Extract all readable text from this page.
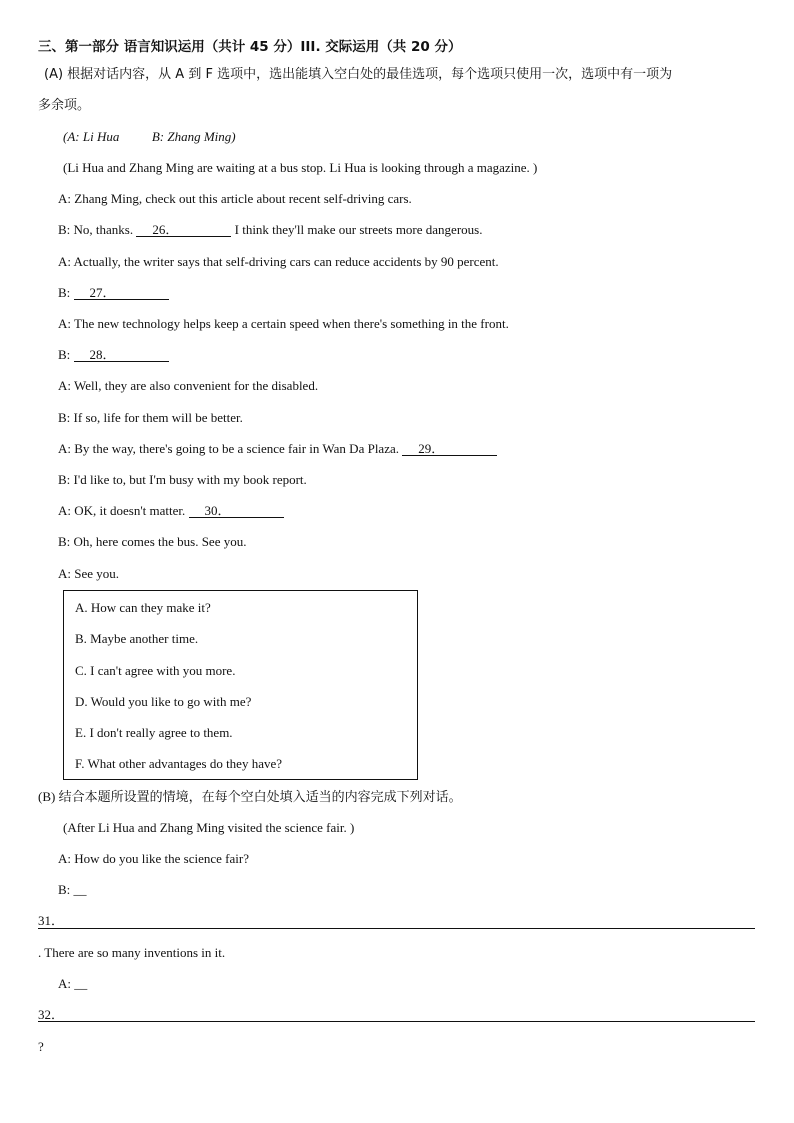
三、第一部分 语言知识运用（共计 45 分）III. 交际运用（共 20 分）
(A) 根据对话内容，从 A 到 F 选项中，选出能填入空白处的最佳选项，每个选项只使用一次，选项中有一项为
多余项。
(A: Li Hua          B: Zhang Ming)
(Li Hua and Zhang Ming are waiting at a bus stop. Li Hua is looking through a magazine. )
A: Zhang Ming, check out this article about recent self-driving cars.
B: No, thanks. 26．	I think they'll make our streets more dangerous.
A: Actually, the writer says that self-driving cars can reduce accidents by 90 percent.
B: 27．
A: The new technology helps keep a certain speed when there's something in the front.
B: 28．
A: Well, they are also convenient for the disabled.
B: If so, life for them will be better.
A: By the way, there's going to be a science fair in Wan Da Plaza. 29．
B: I'd like to, but I'm busy with my book report.
A: OK, it doesn't matter. 30．
B: Oh, here comes the bus. See you.
A: See you.
A. How can they make it?
B. Maybe another time.
C. I can't agree with you more.
D. Would you like to go with me?
E. I don't really agree to them.
F. What other advantages do they have?
(B) 结合本题所设置的情境，在每个空白处填入适当的内容完成下列对话。
(After Li Hua and Zhang Ming visited the science fair. )
A: How do you like the science fair?
B: __
31．
. There are so many inventions in it.
A: __
32．
?
